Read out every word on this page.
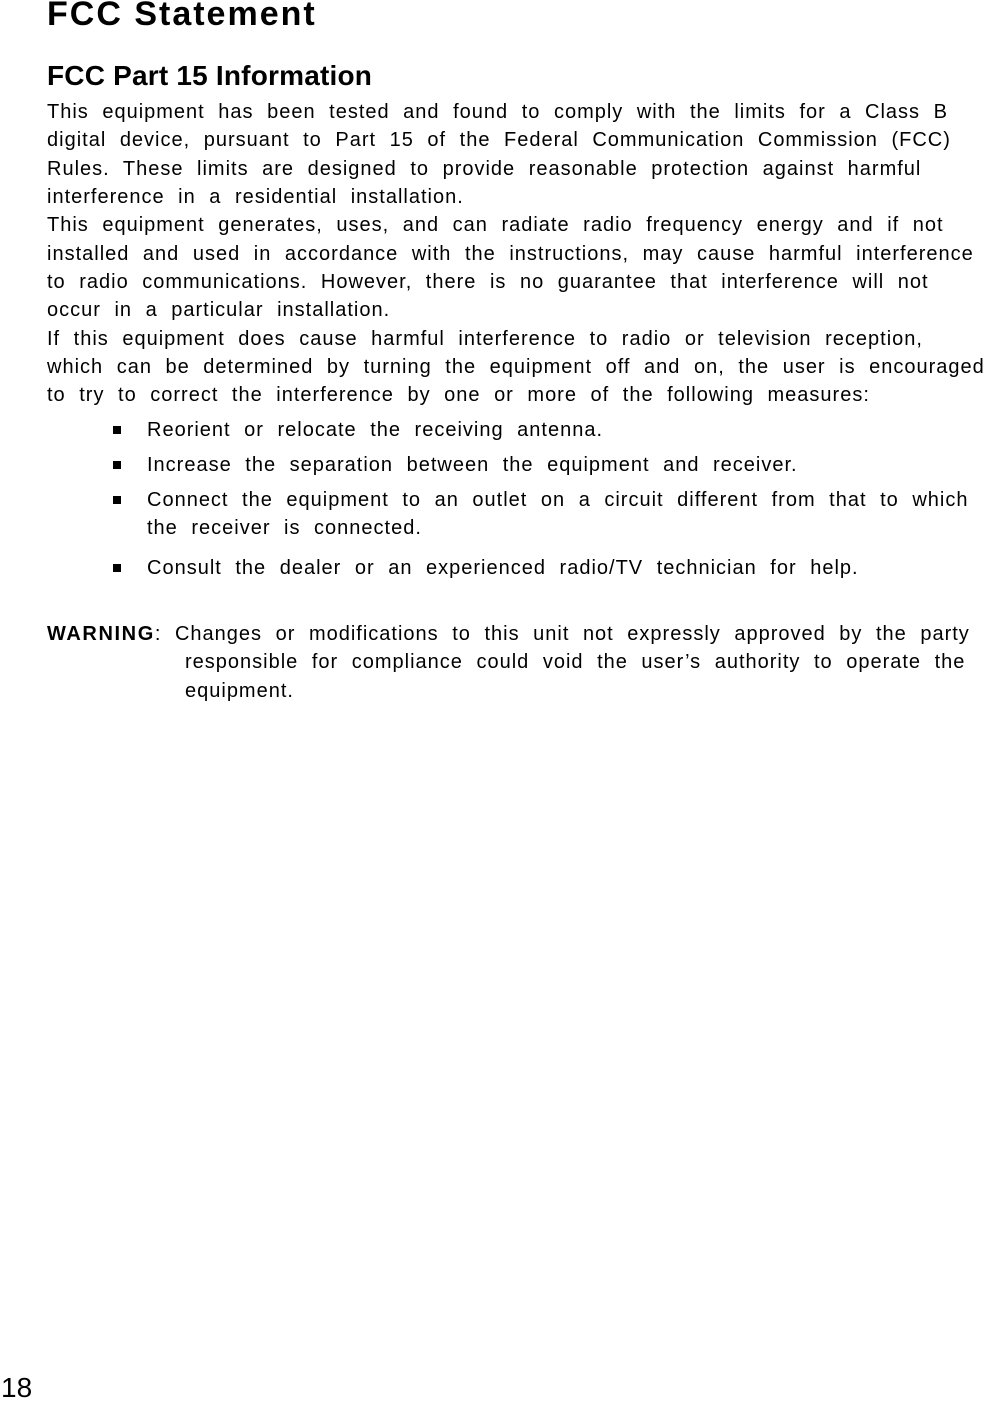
FCC Statement
FCC Part 15 Information
This equipment has been tested and found to comply with the limits for a Class B
digital device, pursuant to Part 15 of the Federal Communication Commission (FCC)
Rules. These limits are designed to provide reasonable protection against harmful
interference in a residential installation.
This equipment generates, uses, and can radiate radio frequency energy and if not
installed and used in accordance with the instructions, may cause harmful interference
to radio communications. However, there is no guarantee that interference will not
occur in a particular installation.
If this equipment does cause harmful interference to radio or television reception,
which can be determined by turning the equipment off and on, the user is encouraged
to try to correct the interference by one or more of the following measures:
Reorient or relocate the receiving antenna.
Increase the separation between the equipment and receiver.
Connect the equipment to an outlet on a circuit different from that to which
the receiver is connected.
Consult the dealer or an experienced radio/TV technician for help.
WARNING: Changes or modifications to this unit not expressly approved by the party
responsible for compliance could void the user’s authority to operate the
equipment.
18
